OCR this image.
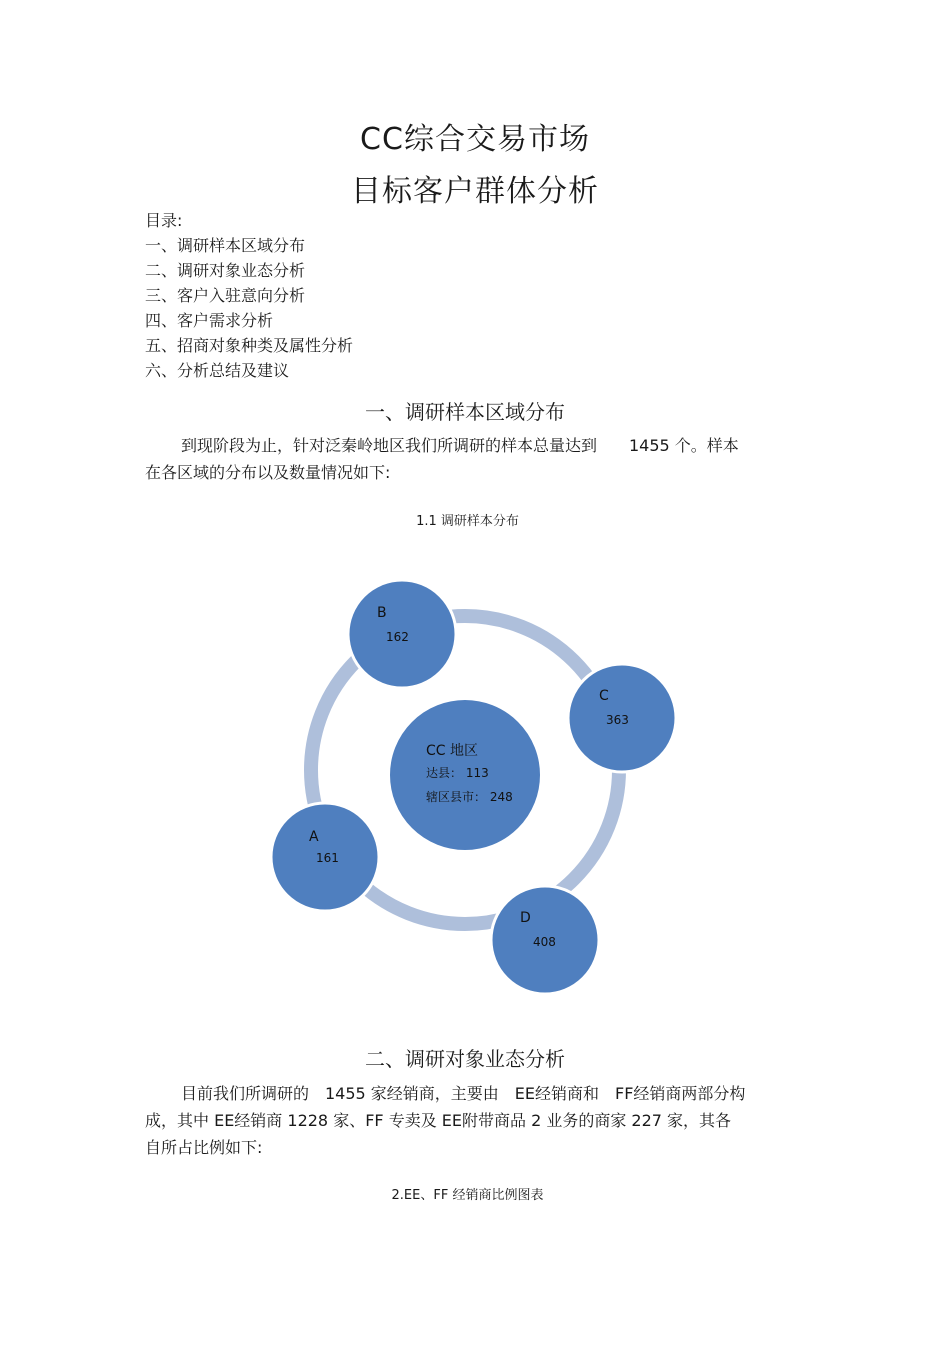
CC综合交易市场
目标客户群体分析
目录:
一、调研样本区域分布
二、调研对象业态分析
三、客户入驻意向分析
四、客户需求分析
五、招商对象种类及属性分析
六、分析总结及建议
一、调研样本区域分布
到现阶段为止，针对泛秦岭地区我们所调研的样本总量达到　　1455 个。样本
在各区域的分布以及数量情况如下:
1.1 调研样本分布
CC 地区
达县： 113
辖区县市： 248
B
162
C
363
D
408
A
161
二、调研对象业态分析
目前我们所调研的　1455 家经销商，主要由　EE经销商和　FF经销商两部分构
成，其中 EE经销商 1228 家、FF 专卖及 EE附带商品 2 业务的商家 227 家，其各
自所占比例如下:
2.EE、FF 经销商比例图表
